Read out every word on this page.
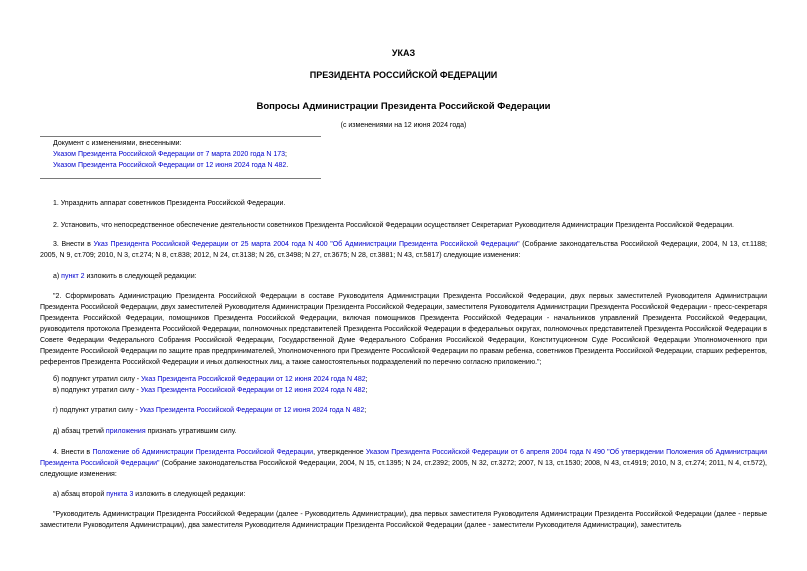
УКАЗ
ПРЕЗИДЕНТА РОССИЙСКОЙ ФЕДЕРАЦИИ
Вопросы Администрации Президента Российской Федерации
(с изменениями на 12 июня 2024 года)
Документ с изменениями, внесенными:
Указом Президента Российской Федерации от 7 марта 2020 года N 173;
Указом Президента Российской Федерации от 12 июня 2024 года N 482.
1. Упразднить аппарат советников Президента Российской Федерации.
2. Установить, что непосредственное обеспечение деятельности советников Президента Российской Федерации осуществляет Секретариат Руководителя Администрации Президента Российской Федерации.
3. Внести в Указ Президента Российской Федерации от 25 марта 2004 года N 400 "Об Администрации Президента Российской Федерации" (Собрание законодательства Российской Федерации, 2004, N 13, ст.1188; 2005, N 9, ст.709; 2010, N 3, ст.274; N 8, ст.838; 2012, N 24, ст.3138; N 26, ст.3498; N 27, ст.3675; N 28, ст.3881; N 43, ст.5817) следующие изменения:
а) пункт 2 изложить в следующей редакции:
"2. Сформировать Администрацию Президента Российской Федерации в составе Руководителя Администрации Президента Российской Федерации, двух первых заместителей Руководителя Администрации Президента Российской Федерации, двух заместителей Руководителя Администрации Президента Российской Федерации, заместителя Руководителя Администрации Президента Российской Федерации - пресс-секретаря Президента Российской Федерации, помощников Президента Российской Федерации, включая помощников Президента Российской Федерации - начальников управлений Президента Российской Федерации, руководителя протокола Президента Российской Федерации, полномочных представителей Президента Российской Федерации в федеральных округах, полномочных представителей Президента Российской Федерации в Совете Федерации Федерального Собрания Российской Федерации, Государственной Думе Федерального Собрания Российской Федерации, Конституционном Суде Российской Федерации Уполномоченного при Президенте Российской Федерации по защите прав предпринимателей, Уполномоченного при Президенте Российской Федерации по правам ребенка, советников Президента Российской Федерации, старших референтов, референтов Президента Российской Федерации и иных должностных лиц, а также самостоятельных подразделений по перечню согласно приложению.";
б) подпункт утратил силу - Указ Президента Российской Федерации от 12 июня 2024 года N 482;
в) подпункт утратил силу - Указ Президента Российской Федерации от 12 июня 2024 года N 482;
г) подпункт утратил силу - Указ Президента Российской Федерации от 12 июня 2024 года N 482;
д) абзац третий приложения признать утратившим силу.
4. Внести в Положение об Администрации Президента Российской Федерации, утвержденное Указом Президента Российской Федерации от 6 апреля 2004 года N 490 "Об утверждении Положения об Администрации Президента Российской Федерации" (Собрание законодательства Российской Федерации, 2004, N 15, ст.1395; N 24, ст.2392; 2005, N 32, ст.3272; 2007, N 13, ст.1530; 2008, N 43, ст.4919; 2010, N 3, ст.274; 2011, N 4, ст.572), следующие изменения:
а) абзац второй пункта 3 изложить в следующей редакции:
"Руководитель Администрации Президента Российской Федерации (далее - Руководитель Администрации), два первых заместителя Руководителя Администрации Президента Российской Федерации (далее - первые заместители Руководителя Администрации), два заместителя Руководителя Администрации Президента Российской Федерации (далее - заместители Руководителя Администрации), заместитель
